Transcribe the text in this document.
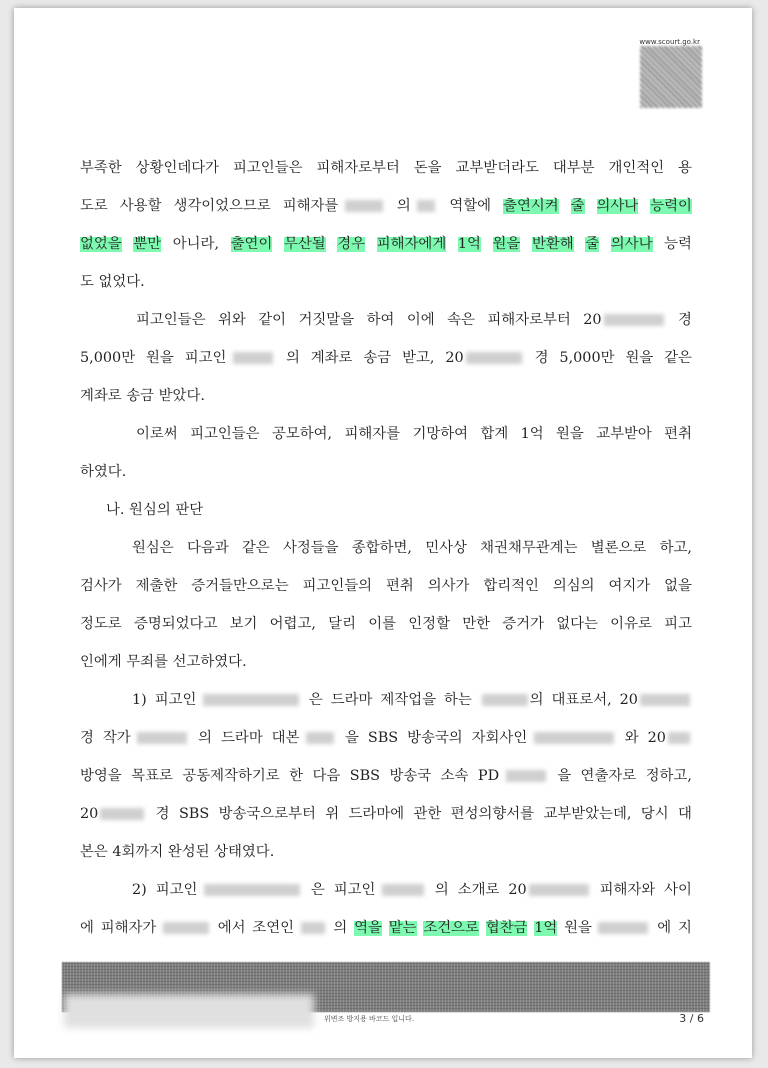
www.scourt.go.kr
부족한 상황인데다가 피고인들은 피해자로부터 돈을 교부받더라도 대부분 개인적인 용
도로 사용할 생각이었으므로 피해자를	의	역할에 출연시켜 줄 의사나 능력이
없었을 뿐만 아니라, 출연이 무산될 경우 피해자에게 1억 원을 반환해 줄 의사나 능력
도 없었다.
피고인들은 위와 같이 거짓말을 하여 이에 속은 피해자로부터 20	경
5,000만 원을 피고인	의 계좌로 송금 받고, 20	경 5,000만 원을 같은
계좌로 송금 받았다.
이로써 피고인들은 공모하여, 피해자를 기망하여 합계 1억 원을 교부받아 편취
하였다.
나. 원심의 판단
원심은 다음과 같은 사정들을 종합하면, 민사상 채권채무관계는 별론으로 하고,
검사가 제출한 증거들만으로는 피고인들의 편취 의사가 합리적인 의심의 여지가 없을
정도로 증명되었다고 보기 어렵고, 달리 이를 인정할 만한 증거가 없다는 이유로 피고
인에게 무죄를 선고하였다.
1) 피고인	은 드라마 제작업을 하는	의 대표로서, 20
경 작가	의 드라마 대본	을 SBS 방송국의 자회사인	와 20
방영을 목표로 공동제작하기로 한 다음 SBS 방송국 소속 PD	을 연출자로 정하고,
20	경 SBS 방송국으로부터 위 드라마에 관한 편성의향서를 교부받았는데, 당시 대
본은 4회까지 완성된 상태였다.
2) 피고인	은 피고인	의 소개로 20	피해자와 사이
에 피해자가	에서 조연인	의 역을 맡는 조건으로 협찬금 1억 원을	에 지
위변조 방지용 바코드 입니다.	3 / 6
